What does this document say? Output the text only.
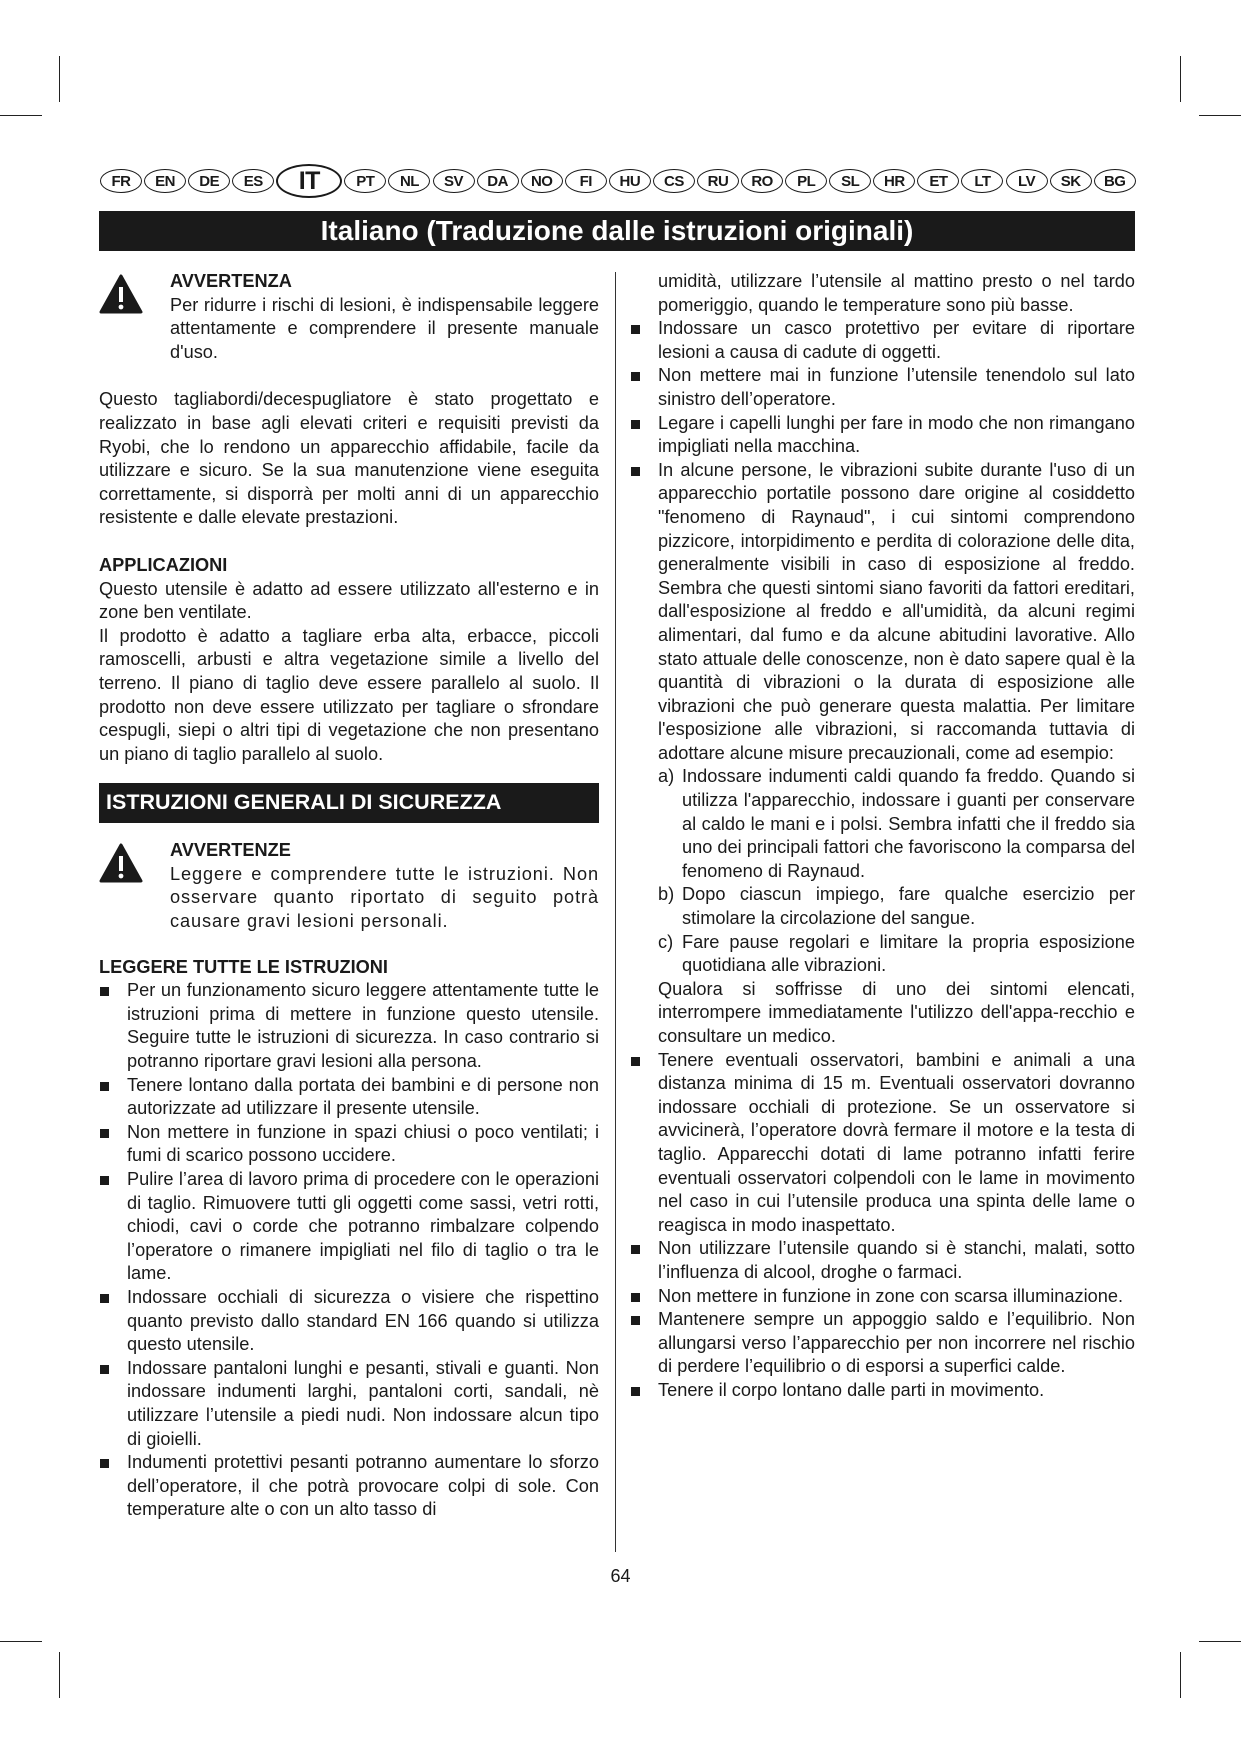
FR	EN	DE	ES	IT	PT	NL	SV	DA	NO	FI	HU	CS	RU	RO	PL	SL	HR	ET	LT	LV	SK	BG
Italiano (Traduzione dalle istruzioni originali)
AVVERTENZA

Per ridurre i rischi di lesioni, è indispensabile leggere attentamente e comprendere il presente manuale d'uso.

Questo tagliabordi/decespugliatore è stato progettato e realizzato in base agli elevati criteri e requisiti previsti da Ryobi, che lo rendono un apparecchio affidabile, facile da utilizzare e sicuro. Se la sua manutenzione viene eseguita correttamente, si disporrà per molti anni di un apparecchio resistente e dalle elevate prestazioni.

APPLICAZIONI

Questo utensile è adatto ad essere utilizzato all'esterno e in zone ben ventilate.

Il prodotto è adatto a tagliare erba alta, erbacce, piccoli ramoscelli, arbusti e altra vegetazione simile a livello del terreno. Il piano di taglio deve essere parallelo al suolo. Il prodotto non deve essere utilizzato per tagliare o sfrondare cespugli, siepi o altri tipi di vegetazione che non presentano un piano di taglio parallelo al suolo.

ISTRUZIONI GENERALI DI SICUREZZA
AVVERTENZE

Leggere e comprendere tutte le istruzioni. Non osservare quanto riportato di seguito potrà causare gravi lesioni personali.

LEGGERE TUTTE LE ISTRUZIONI
Per un funzionamento sicuro leggere attentamente tutte le istruzioni prima di mettere in funzione questo utensile. Seguire tutte le istruzioni di sicurezza. In caso contrario si potranno riportare gravi lesioni alla persona.
Tenere lontano dalla portata dei bambini e di persone non autorizzate ad utilizzare il presente utensile.
Non mettere in funzione in spazi chiusi o poco ventilati; i fumi di scarico possono uccidere.
Pulire l’area di lavoro prima di procedere con le operazioni di taglio. Rimuovere tutti gli oggetti come sassi, vetri rotti, chiodi, cavi o corde che potranno rimbalzare colpendo l’operatore o rimanere impigliati nel filo di taglio o tra le lame.
Indossare occhiali di sicurezza o visiere che rispettino quanto previsto dallo standard EN 166 quando si utilizza questo utensile.
Indossare pantaloni lunghi e pesanti, stivali e guanti. Non indossare indumenti larghi, pantaloni corti, sandali, nè utilizzare l’utensile a piedi nudi. Non indossare alcun tipo di gioielli.
Indumenti protettivi pesanti potranno aumentare lo sforzo dell’operatore, il che potrà provocare colpi di sole. Con temperature alte o con un alto tasso di
umidità, utilizzare l’utensile al mattino presto o nel tardo pomeriggio, quando le temperature sono più basse.
Indossare un casco protettivo per evitare di riportare lesioni a causa di cadute di oggetti.
Non mettere mai in funzione l’utensile tenendolo sul lato sinistro dell’operatore.
Legare i capelli lunghi per fare in modo che non rimangano impigliati nella macchina.
In alcune persone, le vibrazioni subite durante l'uso di un apparecchio portatile possono dare origine al cosiddetto "fenomeno di Raynaud", i cui sintomi comprendono pizzicore, intorpidimento e perdita di colorazione delle dita, generalmente visibili in caso di esposizione al freddo. Sembra che questi sintomi siano favoriti da fattori ereditari, dall'esposizione al freddo e all'umidità, da alcuni regimi alimentari, dal fumo e da alcune abitudini lavorative. Allo stato attuale delle conoscenze, non è dato sapere qual è la quantità di vibrazioni o la durata di esposizione alle vibrazioni che può generare questa malattia. Per limitare l'esposizione alle vibrazioni, si raccomanda tuttavia di adottare alcune misure precauzionali, come ad esempio:
a) Indossare indumenti caldi quando fa freddo. Quando si utilizza l'apparecchio, indossare i guanti per conservare al caldo le mani e i polsi. Sembra infatti che il freddo sia uno dei principali fattori che favoriscono la comparsa del fenomeno di Raynaud.
b) Dopo ciascun impiego, fare qualche esercizio per stimolare la circolazione del sangue.
c) Fare pause regolari e limitare la propria esposizione quotidiana alle vibrazioni.
Qualora si soffrisse di uno dei sintomi elencati, interrompere immediatamente l'utilizzo dell'appa-recchio e consultare un medico.
Tenere eventuali osservatori, bambini e animali a una distanza minima di 15 m. Eventuali osservatori dovranno indossare occhiali di protezione. Se un osservatore si avvicinerà, l’operatore dovrà fermare il motore e la testa di taglio. Apparecchi dotati di lame potranno infatti ferire eventuali osservatori colpendoli con le lame in movimento nel caso in cui l’utensile produca una spinta delle lame o reagisca in modo inaspettato.
Non utilizzare l’utensile quando si è stanchi, malati, sotto l’influenza di alcool, droghe o farmaci.
Non mettere in funzione in zone con scarsa illuminazione.
Mantenere sempre un appoggio saldo e l’equilibrio. Non allungarsi verso l’apparecchio per non incorrere nel rischio di perdere l’equilibrio o di esporsi a superfici calde.
Tenere il corpo lontano dalle parti in movimento.
64
